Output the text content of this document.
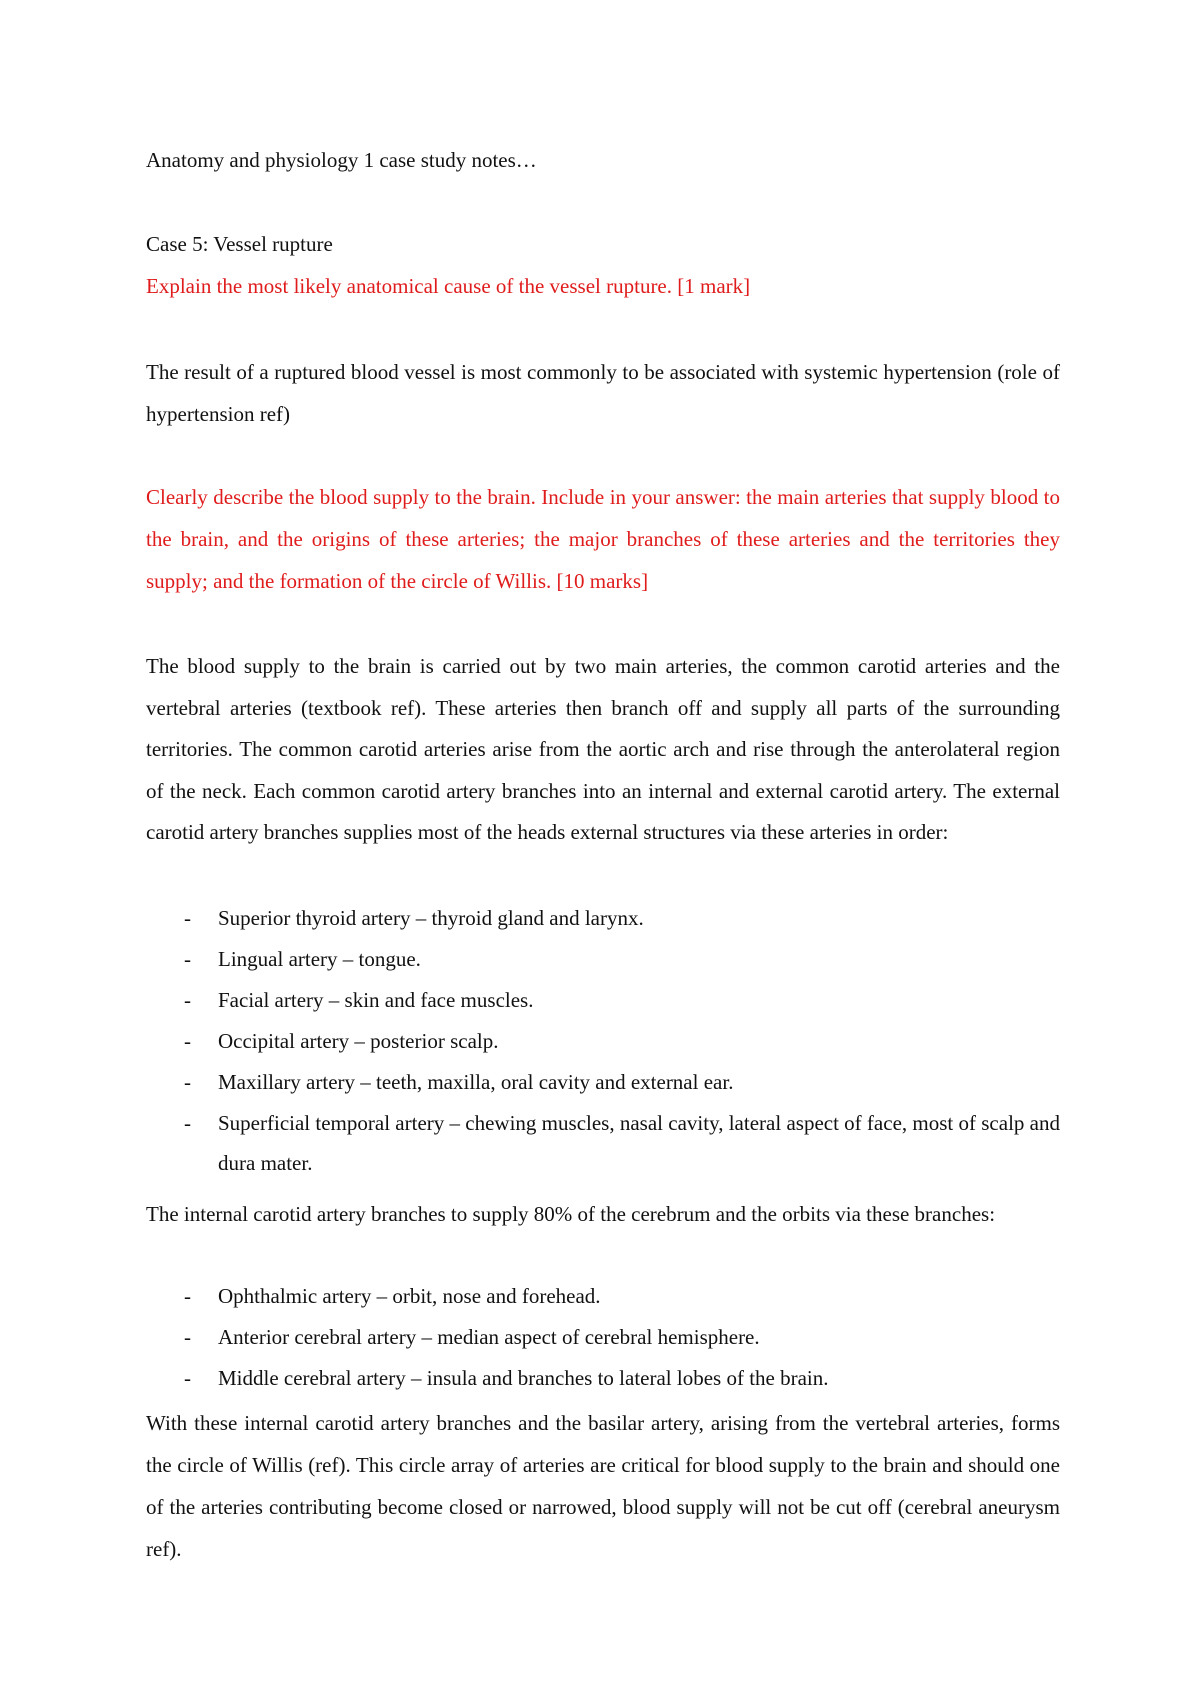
Anatomy and physiology 1 case study notes…
Case 5: Vessel rupture
Explain the most likely anatomical cause of the vessel rupture. [1 mark]
The result of a ruptured blood vessel is most commonly to be associated with systemic hypertension (role of hypertension ref)
Clearly describe the blood supply to the brain. Include in your answer: the main arteries that supply blood to the brain, and the origins of these arteries; the major branches of these arteries and the territories they supply; and the formation of the circle of Willis. [10 marks]
The blood supply to the brain is carried out by two main arteries, the common carotid arteries and the vertebral arteries (textbook ref). These arteries then branch off and supply all parts of the surrounding territories. The common carotid arteries arise from the aortic arch and rise through the anterolateral region of the neck. Each common carotid artery branches into an internal and external carotid artery. The external carotid artery branches supplies most of the heads external structures via these arteries in order:
- Superior thyroid artery – thyroid gland and larynx.
- Lingual artery – tongue.
- Facial artery – skin and face muscles.
- Occipital artery – posterior scalp.
- Maxillary artery – teeth, maxilla, oral cavity and external ear.
- Superficial temporal artery – chewing muscles, nasal cavity, lateral aspect of face, most of scalp and dura mater.
The internal carotid artery branches to supply 80% of the cerebrum and the orbits via these branches:
- Ophthalmic artery – orbit, nose and forehead.
- Anterior cerebral artery – median aspect of cerebral hemisphere.
- Middle cerebral artery – insula and branches to lateral lobes of the brain.
With these internal carotid artery branches and the basilar artery, arising from the vertebral arteries, forms the circle of Willis (ref). This circle array of arteries are critical for blood supply to the brain and should one of the arteries contributing become closed or narrowed, blood supply will not be cut off (cerebral aneurysm ref).
